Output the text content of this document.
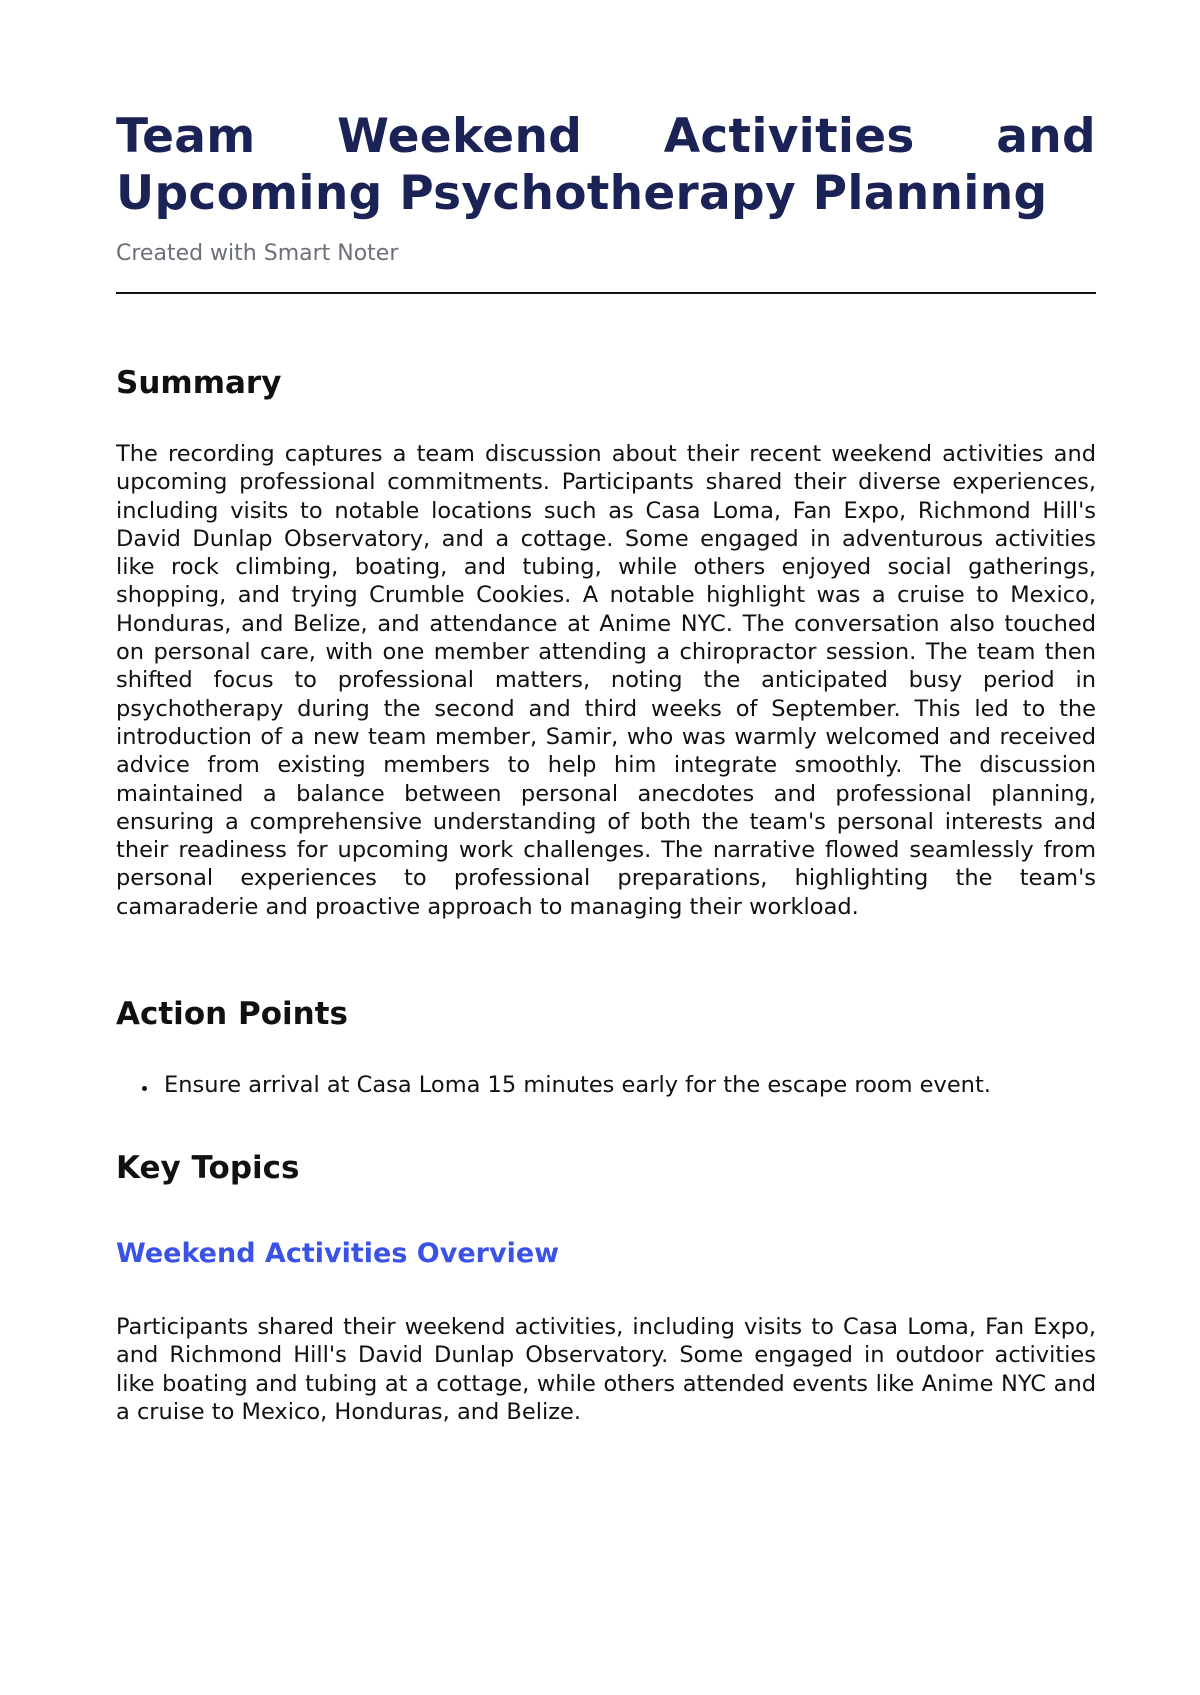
Team Weekend Activities and Upcoming Psychotherapy Planning

Created with Smart Noter

Summary

The recording captures a team discussion about their recent weekend activities and upcoming professional commitments. Participants shared their diverse experiences, including visits to notable locations such as Casa Loma, Fan Expo, Richmond Hill's David Dunlap Observatory, and a cottage. Some engaged in adventurous activities like rock climbing, boating, and tubing, while others enjoyed social gatherings, shopping, and trying Crumble Cookies. A notable highlight was a cruise to Mexico, Honduras, and Belize, and attendance at Anime NYC. The conversation also touched on personal care, with one member attending a chiropractor session. The team then shifted focus to professional matters, noting the anticipated busy period in psychotherapy during the second and third weeks of September. This led to the introduction of a new team member, Samir, who was warmly welcomed and received advice from existing members to help him integrate smoothly. The discussion maintained a balance between personal anecdotes and professional planning, ensuring a comprehensive understanding of both the team's personal interests and their readiness for upcoming work challenges. The narrative flowed seamlessly from personal experiences to professional preparations, highlighting the team's camaraderie and proactive approach to managing their workload.

Action Points
Ensure arrival at Casa Loma 15 minutes early for the escape room event.
Key Topics
Weekend Activities Overview

Participants shared their weekend activities, including visits to Casa Loma, Fan Expo, and Richmond Hill's David Dunlap Observatory. Some engaged in outdoor activities like boating and tubing at a cottage, while others attended events like Anime NYC and a cruise to Mexico, Honduras, and Belize.
